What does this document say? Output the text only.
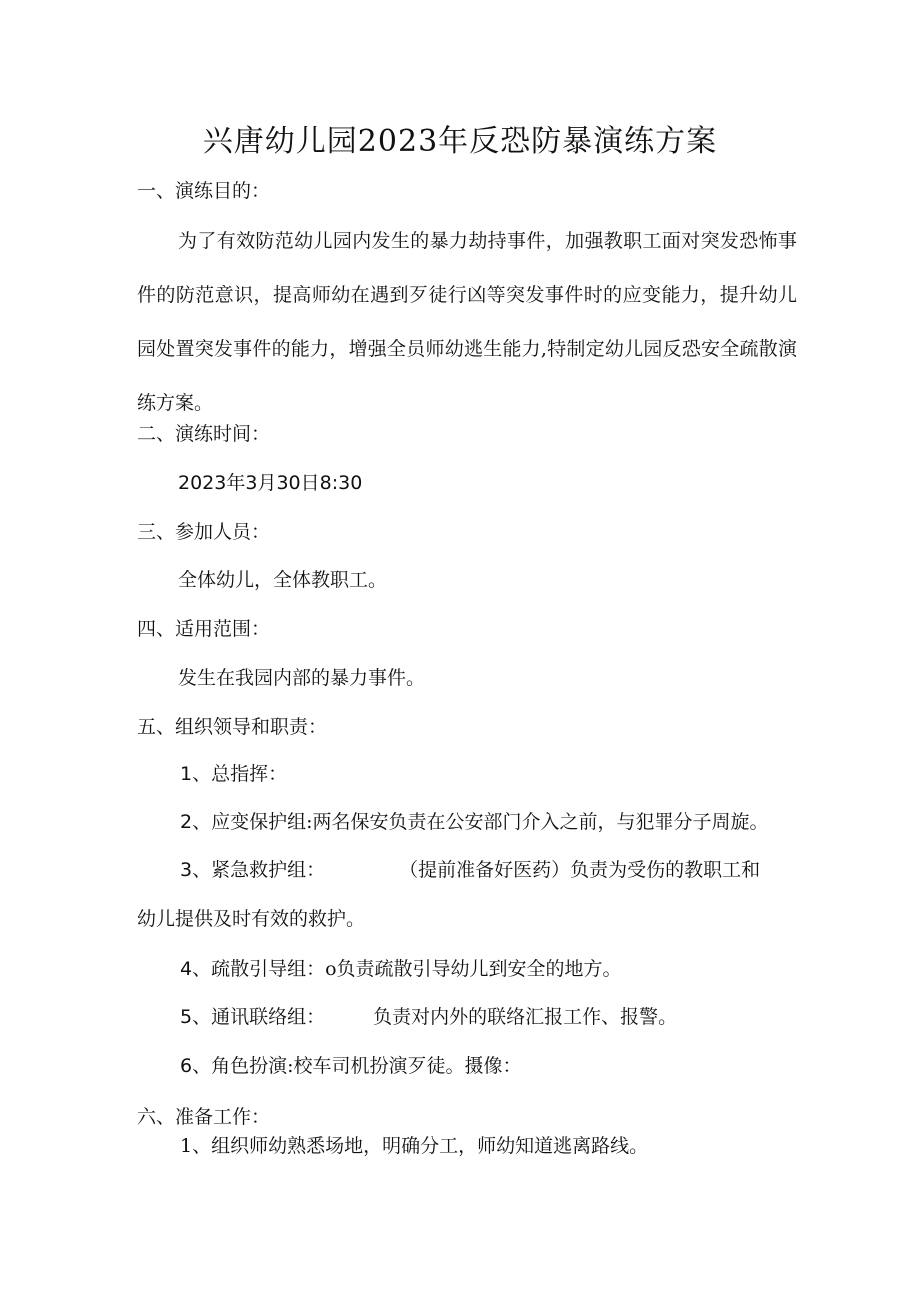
兴唐幼儿园2023年反恐防暴演练方案
一、演练目的：
为了有效防范幼儿园内发生的暴力劫持事件，加强教职工面对突发恐怖事件的防范意识，提高师幼在遇到歹徒行凶等突发事件时的应变能力，提升幼儿园处置突发事件的能力，增强全员师幼逃生能力,特制定幼儿园反恐安全疏散演练方案。
二、演练时间：
2023年3月30日8:30
三、参加人员：
全体幼儿，全体教职工。
四、适用范围：
发生在我园内部的暴力事件。
五、组织领导和职责：
1、总指挥：
2、应变保护组:两名保安负责在公安部门介入之前，与犯罪分子周旋。
3、紧急救护组：	（提前准备好医药）负责为受伤的教职工和
幼儿提供及时有效的救护。
4、疏散引导组：o负责疏散引导幼儿到安全的地方。
5、通讯联络组：	负责对内外的联络汇报工作、报警。
6、角色扮演:校车司机扮演歹徒。摄像：
六、准备工作：
1、组织师幼熟悉场地，明确分工，师幼知道逃离路线。
